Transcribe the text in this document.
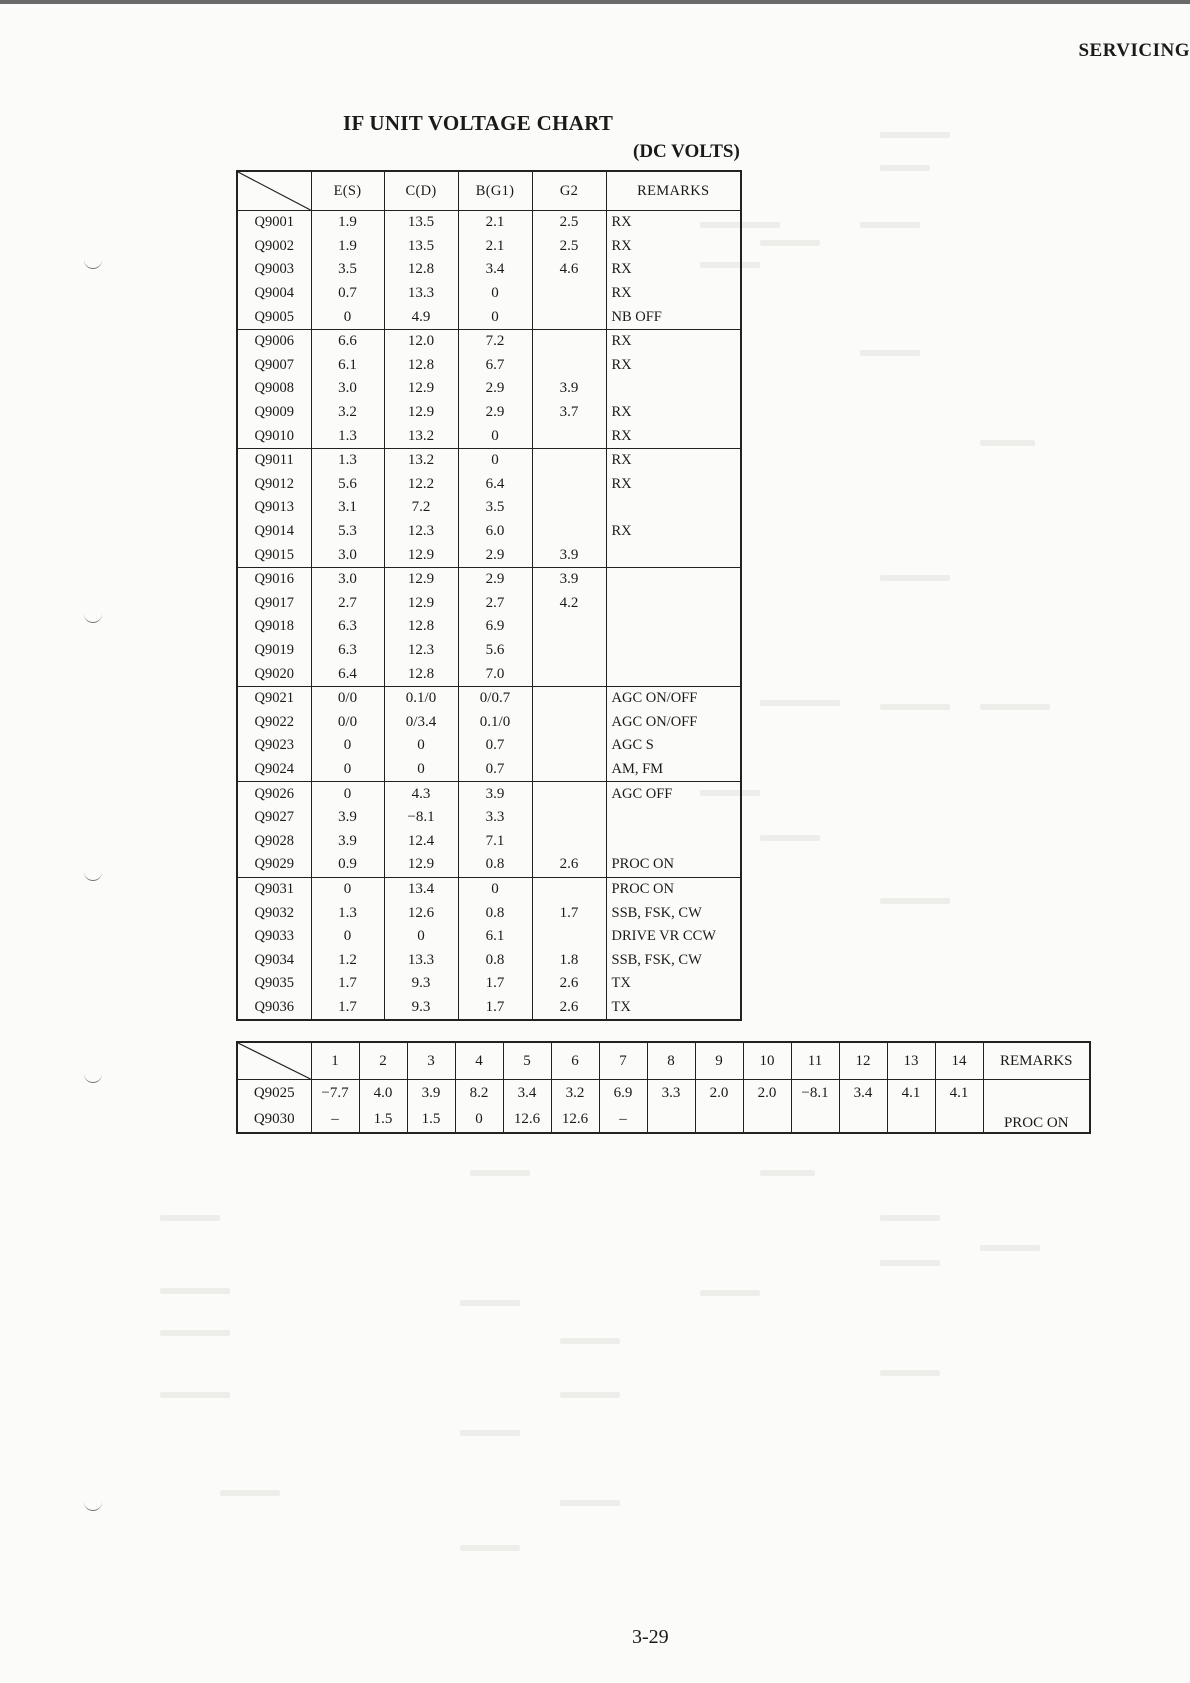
SERVICING
IF UNIT VOLTAGE CHART
(DC VOLTS)
	E(S)	C(D)	B(G1)	G2	REMARKS
Q9001	1.9	13.5	2.1	2.5	RX
Q9002	1.9	13.5	2.1	2.5	RX
Q9003	3.5	12.8	3.4	4.6	RX
Q9004	0.7	13.3	0		RX
Q9005	0	4.9	0		NB OFF
Q9006	6.6	12.0	7.2		RX
Q9007	6.1	12.8	6.7		RX
Q9008	3.0	12.9	2.9	3.9	
Q9009	3.2	12.9	2.9	3.7	RX
Q9010	1.3	13.2	0		RX
Q9011	1.3	13.2	0		RX
Q9012	5.6	12.2	6.4		RX
Q9013	3.1	7.2	3.5		
Q9014	5.3	12.3	6.0		RX
Q9015	3.0	12.9	2.9	3.9	
Q9016	3.0	12.9	2.9	3.9	
Q9017	2.7	12.9	2.7	4.2	
Q9018	6.3	12.8	6.9		
Q9019	6.3	12.3	5.6		
Q9020	6.4	12.8	7.0		
Q9021	0/0	0.1/0	0/0.7		AGC ON/OFF
Q9022	0/0	0/3.4	0.1/0		AGC ON/OFF
Q9023	0	0	0.7		AGC S
Q9024	0	0	0.7		AM, FM
Q9026	0	4.3	3.9		AGC OFF
Q9027	3.9	−8.1	3.3		
Q9028	3.9	12.4	7.1		
Q9029	0.9	12.9	0.8	2.6	PROC ON
Q9031	0	13.4	0		PROC ON
Q9032	1.3	12.6	0.8	1.7	SSB, FSK, CW
Q9033	0	0	6.1		DRIVE VR CCW
Q9034	1.2	13.3	0.8	1.8	SSB, FSK, CW
Q9035	1.7	9.3	1.7	2.6	TX
Q9036	1.7	9.3	1.7	2.6	TX
	1	2	3	4	5	6	7	8	9	10	11	12	13	14	REMARKS
Q9025	−7.7	4.0	3.9	8.2	3.4	3.2	6.9	3.3	2.0	2.0	−8.1	3.4	4.1	4.1	
Q9030	–	1.5	1.5	0	12.6	12.6	–								PROC ON
3-29
